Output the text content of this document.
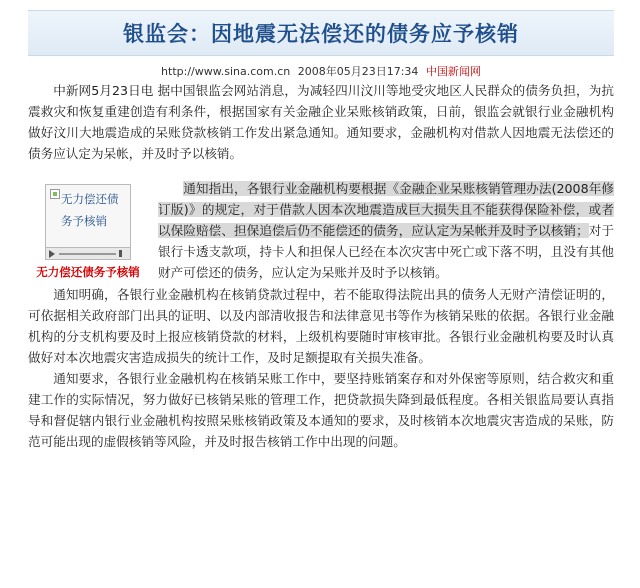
银监会：因地震无法偿还的债务应予核销
http://www.sina.com.cn 2008年05月23日17:34 中国新闻网

中新网5月23日电 据中国银监会网站消息，为减轻四川汶川等地受灾地区人民群众的债务负担，为抗震救灾和恢复重建创造有利条件，根据国家有关金融企业呆账核销政策，日前，银监会就银行业金融机构做好汶川大地震造成的呆账贷款核销工作发出紧急通知。通知要求，金融机构对借款人因地震无法偿还的债务应认定为呆帐，并及时予以核销。

无力偿还债
务予核销
无力偿还债务予核销

通知指出，各银行业金融机构要根据《金融企业呆账核销管理办法(2008年修订版)》的规定，对于借款人因本次地震造成巨大损失且不能获得保险补偿，或者以保险赔偿、担保追偿后仍不能偿还的债务，应认定为呆帐并及时予以核销；对于银行卡透支款项，持卡人和担保人已经在本次灾害中死亡或下落不明，且没有其他财产可偿还的债务，应认定为呆账并及时予以核销。

通知明确，各银行业金融机构在核销贷款过程中，若不能取得法院出具的债务人无财产清偿证明的，可依据相关政府部门出具的证明、以及内部清收报告和法律意见书等作为核销呆账的依据。各银行业金融机构的分支机构要及时上报应核销贷款的材料，上级机构要随时审核审批。各银行业金融机构要及时认真做好对本次地震灾害造成损失的统计工作，及时足额提取有关损失准备。

通知要求，各银行业金融机构在核销呆账工作中，要坚持账销案存和对外保密等原则，结合救灾和重建工作的实际情况，努力做好已核销呆账的管理工作，把贷款损失降到最低程度。各相关银监局要认真指导和督促辖内银行业金融机构按照呆账核销政策及本通知的要求，及时核销本次地震灾害造成的呆账，防范可能出现的虚假核销等风险，并及时报告核销工作中出现的问题。
